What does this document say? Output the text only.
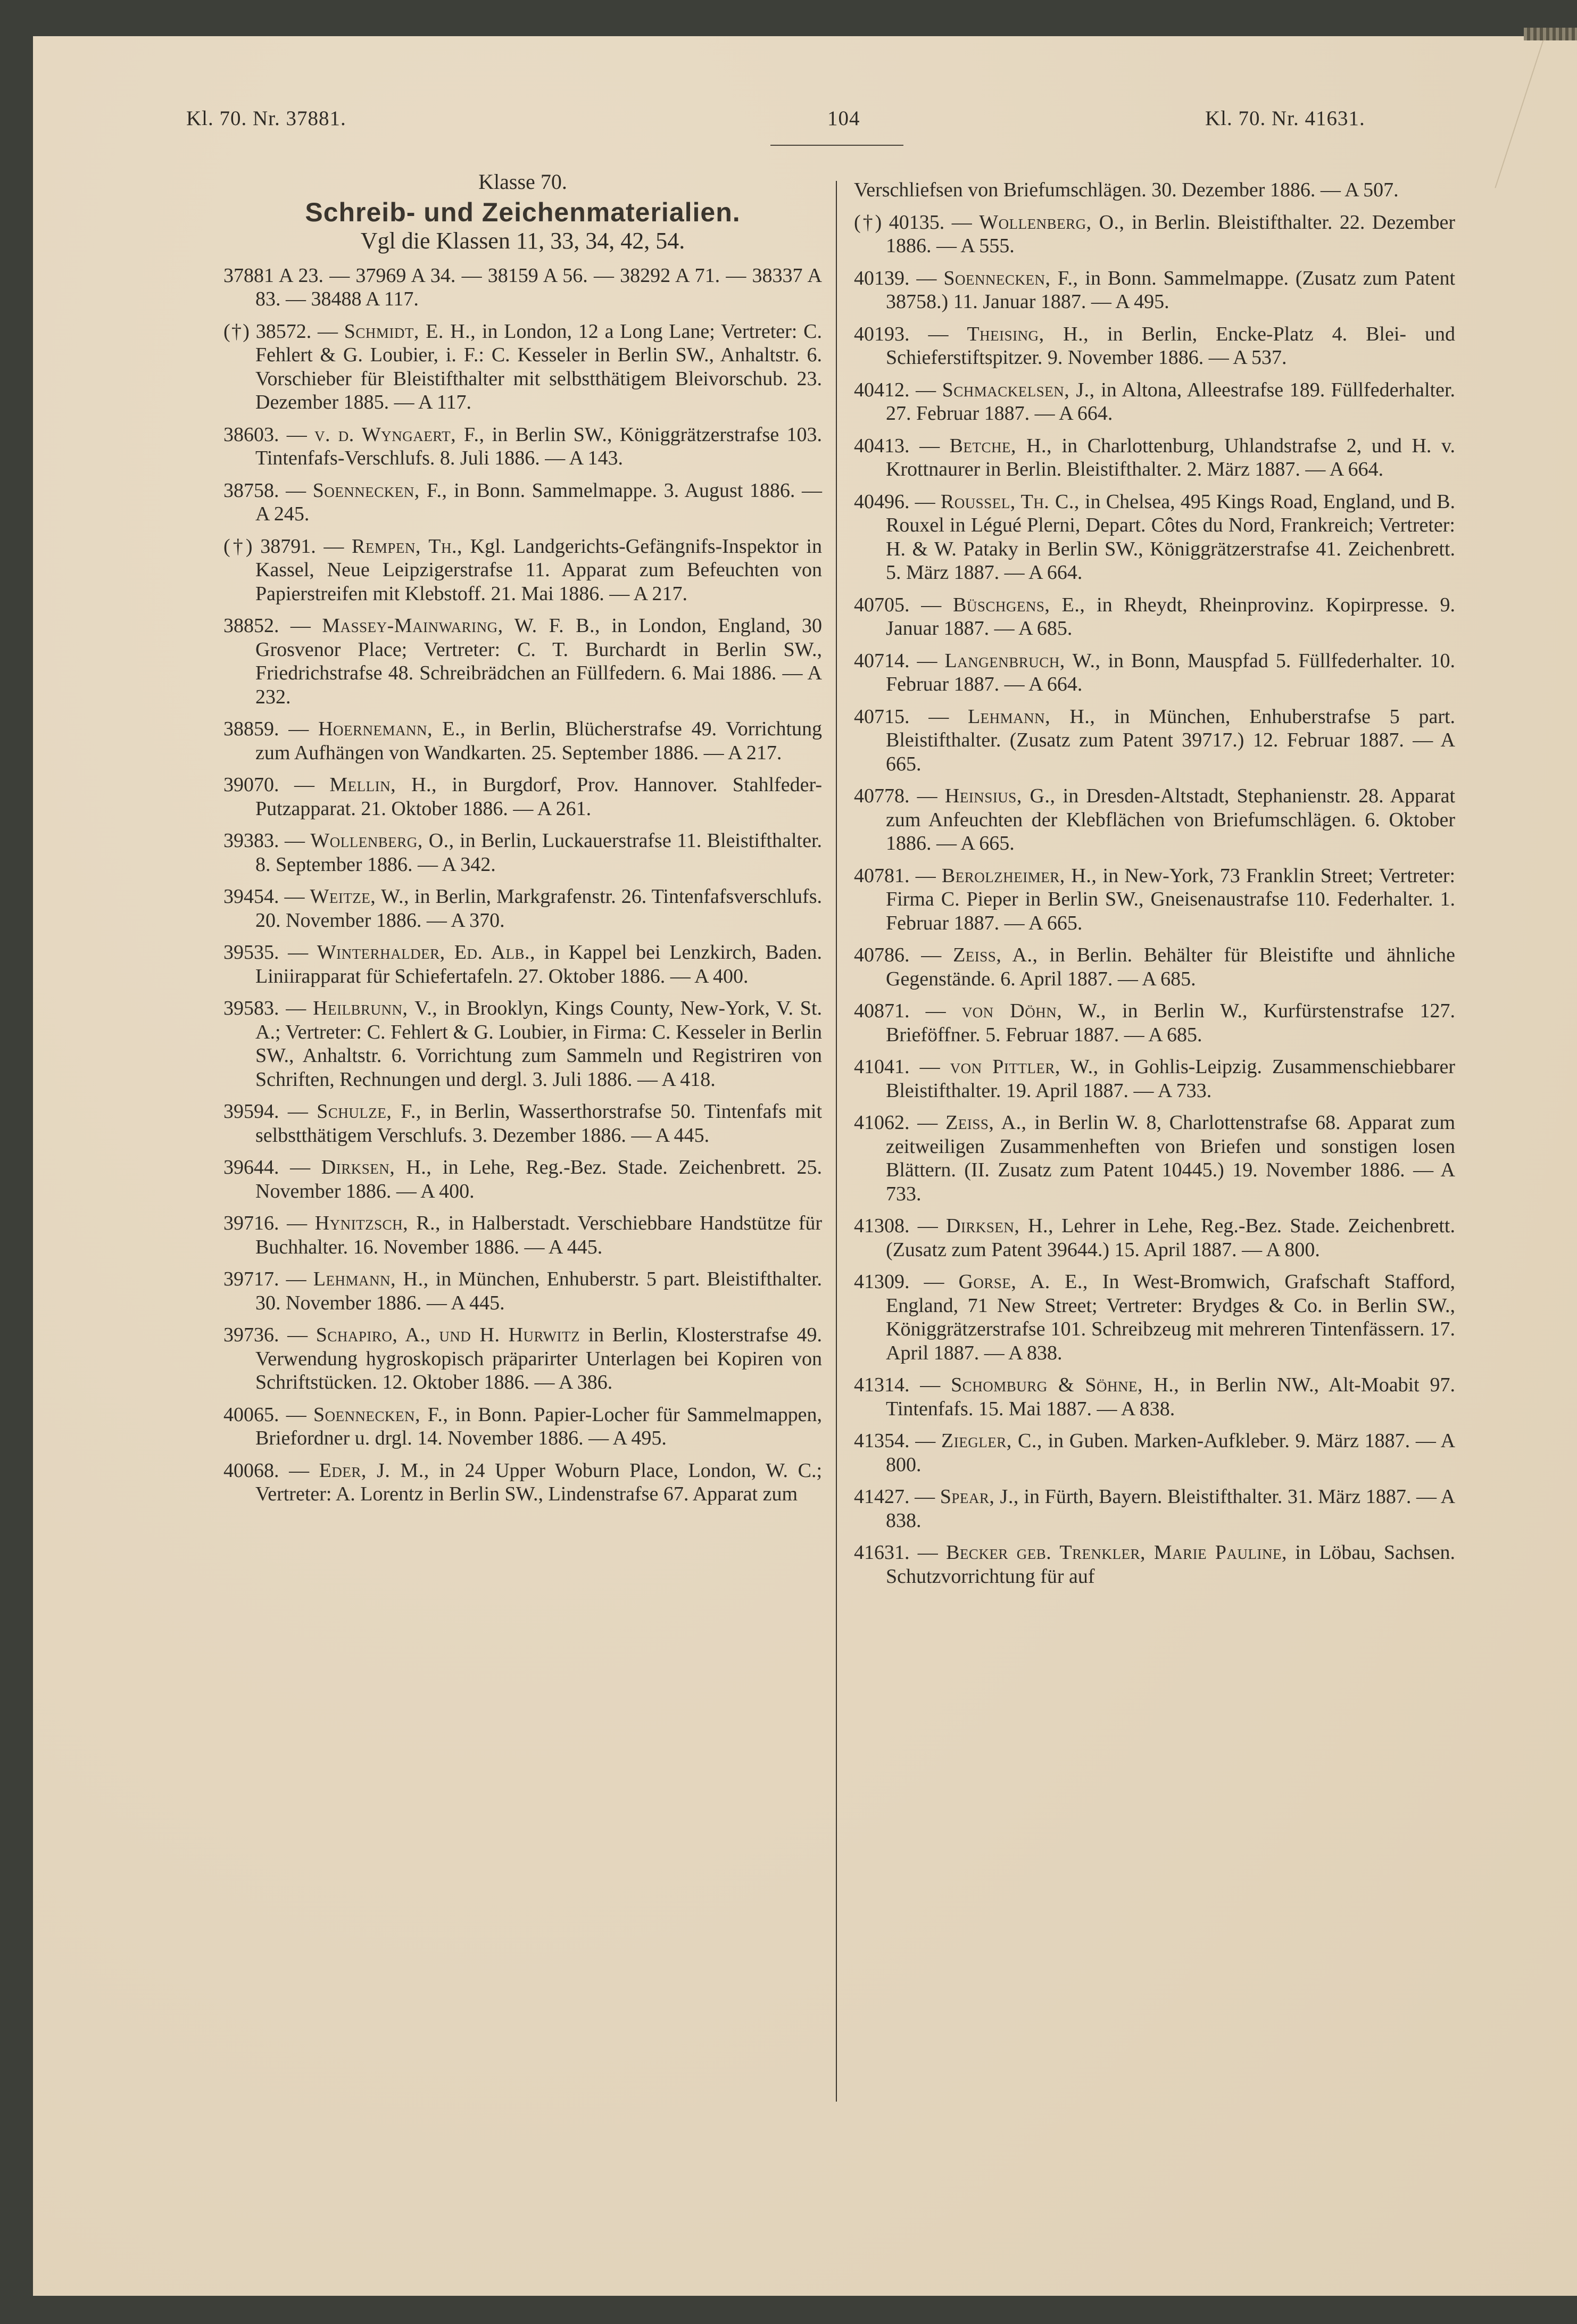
Kl. 70. Nr. 37881.	104	Kl. 70. Nr. 41631.
Klasse 70.
Schreib- und Zeichenmaterialien.
Vgl die Klassen 11, 33, 34, 42, 54.
37881 A 23. — 37969 A 34. — 38159 A 56. — 38292 A 71. — 38337 A 83. — 38488 A 117.
(†) 38572. — Schmidt, E. H., in London, 12 a Long Lane; Vertreter: C. Fehlert & G. Loubier, i. F.: C. Kesseler in Berlin SW., Anhaltstr. 6. Vorschieber für Bleistifthalter mit selbstthätigem Bleivorschub. 23. Dezember 1885. — A 117.
38603. — v. d. Wyngaert, F., in Berlin SW., Königgrätzerstrafse 103. Tintenfafs-Verschlufs. 8. Juli 1886. — A 143.
38758. — Soennecken, F., in Bonn. Sammelmappe. 3. August 1886. — A 245.
(†) 38791. — Rempen, Th., Kgl. Landgerichts-Gefängnifs-Inspektor in Kassel, Neue Leipzigerstrafse 11. Apparat zum Befeuchten von Papierstreifen mit Klebstoff. 21. Mai 1886. — A 217.
38852. — Massey-Mainwaring, W. F. B., in London, England, 30 Grosvenor Place; Vertreter: C. T. Burchardt in Berlin SW., Friedrichstrafse 48. Schreibrädchen an Füllfedern. 6. Mai 1886. — A 232.
38859. — Hoernemann, E., in Berlin, Blücherstrafse 49. Vorrichtung zum Aufhängen von Wandkarten. 25. September 1886. — A 217.
39070. — Mellin, H., in Burgdorf, Prov. Hannover. Stahlfeder-Putzapparat. 21. Oktober 1886. — A 261.
39383. — Wollenberg, O., in Berlin, Luckauerstrafse 11. Bleistifthalter. 8. September 1886. — A 342.
39454. — Weitze, W., in Berlin, Markgrafenstr. 26. Tintenfafsverschlufs. 20. November 1886. — A 370.
39535. — Winterhalder, Ed. Alb., in Kappel bei Lenzkirch, Baden. Liniirapparat für Schiefertafeln. 27. Oktober 1886. — A 400.
39583. — Heilbrunn, V., in Brooklyn, Kings County, New-York, V. St. A.; Vertreter: C. Fehlert & G. Loubier, in Firma: C. Kesseler in Berlin SW., Anhaltstr. 6. Vorrichtung zum Sammeln und Registriren von Schriften, Rechnungen und dergl. 3. Juli 1886. — A 418.
39594. — Schulze, F., in Berlin, Wasserthorstrafse 50. Tintenfafs mit selbstthätigem Verschlufs. 3. Dezember 1886. — A 445.
39644. — Dirksen, H., in Lehe, Reg.-Bez. Stade. Zeichenbrett. 25. November 1886. — A 400.
39716. — Hynitzsch, R., in Halberstadt. Verschiebbare Handstütze für Buchhalter. 16. November 1886. — A 445.
39717. — Lehmann, H., in München, Enhuberstr. 5 part. Bleistifthalter. 30. November 1886. — A 445.
39736. — Schapiro, A., und H. Hurwitz in Berlin, Klosterstrafse 49. Verwendung hygroskopisch präparirter Unterlagen bei Kopiren von Schriftstücken. 12. Oktober 1886. — A 386.
40065. — Soennecken, F., in Bonn. Papier-Locher für Sammelmappen, Briefordner u. drgl. 14. November 1886. — A 495.
40068. — Eder, J. M., in 24 Upper Woburn Place, London, W. C.; Vertreter: A. Lorentz in Berlin SW., Lindenstrafse 67. Apparat zum
Verschliefsen von Briefumschlägen. 30. Dezember 1886. — A 507.
(†) 40135. — Wollenberg, O., in Berlin. Bleistifthalter. 22. Dezember 1886. — A 555.
40139. — Soennecken, F., in Bonn. Sammelmappe. (Zusatz zum Patent 38758.) 11. Januar 1887. — A 495.
40193. — Theising, H., in Berlin, Encke-Platz 4. Blei- und Schieferstiftspitzer. 9. November 1886. — A 537.
40412. — Schmackelsen, J., in Altona, Alleestrafse 189. Füllfederhalter. 27. Februar 1887. — A 664.
40413. — Betche, H., in Charlottenburg, Uhlandstrafse 2, und H. v. Krottnaurer in Berlin. Bleistifthalter. 2. März 1887. — A 664.
40496. — Roussel, Th. C., in Chelsea, 495 Kings Road, England, und B. Rouxel in Légué Plerni, Depart. Côtes du Nord, Frankreich; Vertreter: H. & W. Pataky in Berlin SW., Königgrätzerstrafse 41. Zeichenbrett. 5. März 1887. — A 664.
40705. — Büschgens, E., in Rheydt, Rheinprovinz. Kopirpresse. 9. Januar 1887. — A 685.
40714. — Langenbruch, W., in Bonn, Mauspfad 5. Füllfederhalter. 10. Februar 1887. — A 664.
40715. — Lehmann, H., in München, Enhuberstrafse 5 part. Bleistifthalter. (Zusatz zum Patent 39717.) 12. Februar 1887. — A 665.
40778. — Heinsius, G., in Dresden-Altstadt, Stephanienstr. 28. Apparat zum Anfeuchten der Klebflächen von Briefumschlägen. 6. Oktober 1886. — A 665.
40781. — Berolzheimer, H., in New-York, 73 Franklin Street; Vertreter: Firma C. Pieper in Berlin SW., Gneisenaustrafse 110. Federhalter. 1. Februar 1887. — A 665.
40786. — Zeiss, A., in Berlin. Behälter für Bleistifte und ähnliche Gegenstände. 6. April 1887. — A 685.
40871. — von Döhn, W., in Berlin W., Kurfürstenstrafse 127. Brieföffner. 5. Februar 1887. — A 685.
41041. — von Pittler, W., in Gohlis-Leipzig. Zusammenschiebbarer Bleistifthalter. 19. April 1887. — A 733.
41062. — Zeiss, A., in Berlin W. 8, Charlottenstrafse 68. Apparat zum zeitweiligen Zusammenheften von Briefen und sonstigen losen Blättern. (II. Zusatz zum Patent 10445.) 19. November 1886. — A 733.
41308. — Dirksen, H., Lehrer in Lehe, Reg.-Bez. Stade. Zeichenbrett. (Zusatz zum Patent 39644.) 15. April 1887. — A 800.
41309. — Gorse, A. E., In West-Bromwich, Grafschaft Stafford, England, 71 New Street; Vertreter: Brydges & Co. in Berlin SW., Königgrätzerstrafse 101. Schreibzeug mit mehreren Tintenfässern. 17. April 1887. — A 838.
41314. — Schomburg & Söhne, H., in Berlin NW., Alt-Moabit 97. Tintenfafs. 15. Mai 1887. — A 838.
41354. — Ziegler, C., in Guben. Marken-Aufkleber. 9. März 1887. — A 800.
41427. — Spear, J., in Fürth, Bayern. Bleistifthalter. 31. März 1887. — A 838.
41631. — Becker geb. Trenkler, Marie Pauline, in Löbau, Sachsen. Schutzvorrichtung für auf
